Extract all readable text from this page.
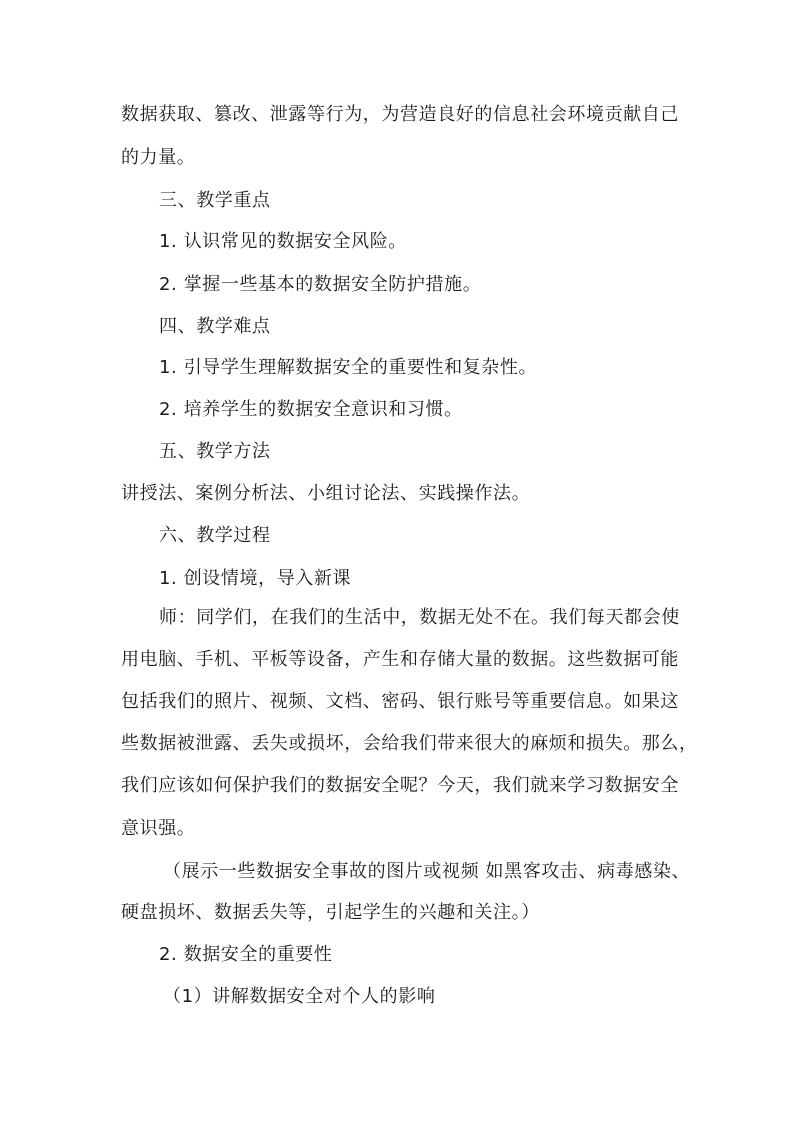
数据获取、篡改、泄露等行为，为营造良好的信息社会环境贡献自己
的力量。
三、教学重点
1. 认识常见的数据安全风险。
2. 掌握一些基本的数据安全防护措施。
四、教学难点
1. 引导学生理解数据安全的重要性和复杂性。
2. 培养学生的数据安全意识和习惯。
五、教学方法
讲授法、案例分析法、小组讨论法、实践操作法。
六、教学过程
1. 创设情境，导入新课
师：同学们，在我们的生活中，数据无处不在。我们每天都会使
用电脑、手机、平板等设备，产生和存储大量的数据。这些数据可能
包括我们的照片、视频、文档、密码、银行账号等重要信息。如果这
些数据被泄露、丢失或损坏，会给我们带来很大的麻烦和损失。那么，
我们应该如何保护我们的数据安全呢？今天，我们就来学习数据安全
意识强。
（展示一些数据安全事故的图片或视频 如黑客攻击、病毒感染、
硬盘损坏、数据丢失等，引起学生的兴趣和关注。）
2. 数据安全的重要性
（1）讲解数据安全对个人的影响
